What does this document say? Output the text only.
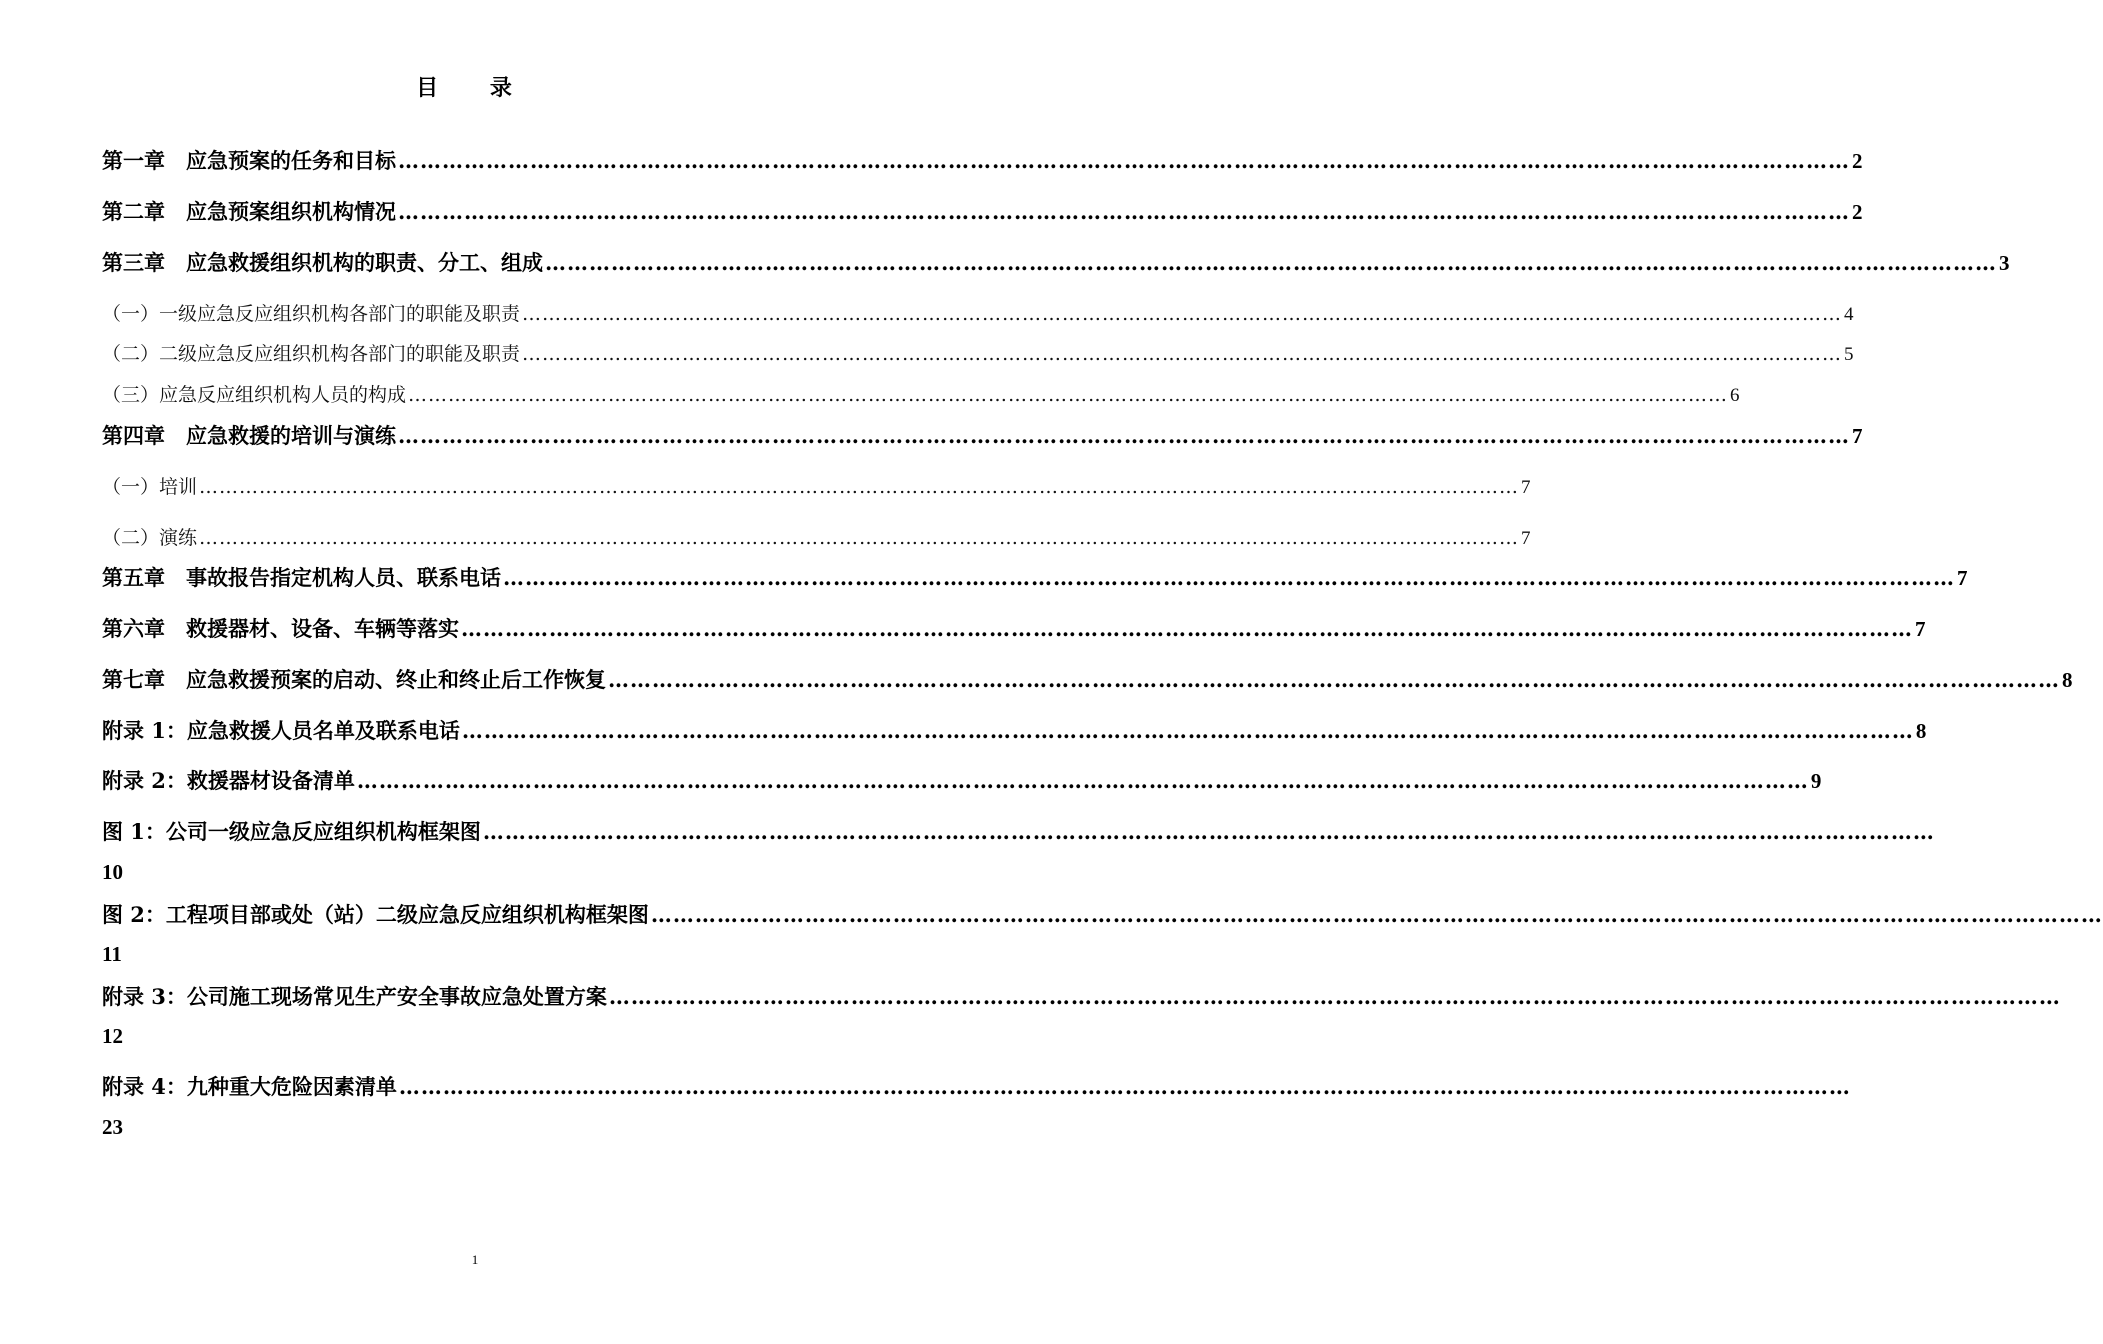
目 录
第一章　应急预案的任务和目标 ……………………………………………………………………………………………………………………………………………………………………………… 2
第二章　应急预案组织机构情况 ……………………………………………………………………………………………………………………………………………………………………………… 2
第三章　应急救援组织机构的职责、分工、组成 ……………………………………………………………………………………………………………………………………………………………………………… 3
（一）一级应急反应组织机构各部门的职能及职责 ……………………………………………………………………………………………………………………………………………………………………………… 4
（二）二级应急反应组织机构各部门的职能及职责 ……………………………………………………………………………………………………………………………………………………………………………… 5
（三）应急反应组织机构人员的构成 ……………………………………………………………………………………………………………………………………………………………………………… 6
第四章　应急救援的培训与演练 ……………………………………………………………………………………………………………………………………………………………………………… 7
（一）培训 ……………………………………………………………………………………………………………………………………………………………………………… 7
（二）演练 ……………………………………………………………………………………………………………………………………………………………………………… 7
第五章　事故报告指定机构人员、联系电话 ……………………………………………………………………………………………………………………………………………………………………………… 7
第六章　救援器材、设备、车辆等落实 ……………………………………………………………………………………………………………………………………………………………………………… 7
第七章　应急救援预案的启动、终止和终止后工作恢复 ……………………………………………………………………………………………………………………………………………………………………………… 8
附录 1：应急救援人员名单及联系电话 ……………………………………………………………………………………………………………………………………………………………………………… 8
附录 2：救援器材设备清单 ……………………………………………………………………………………………………………………………………………………………………………… 9
图 1：公司一级应急反应组织机构框架图 ………………………………………………………………………………………………………………………………………………………………………………
10
图 2：工程项目部或处（站）二级应急反应组织机构框架图 ………………………………………………………………………………………………………………………………………………………………………………
11
附录 3：公司施工现场常见生产安全事故应急处置方案 ………………………………………………………………………………………………………………………………………………………………………………
12
附录 4：九种重大危险因素清单 ………………………………………………………………………………………………………………………………………………………………………………
23
1
